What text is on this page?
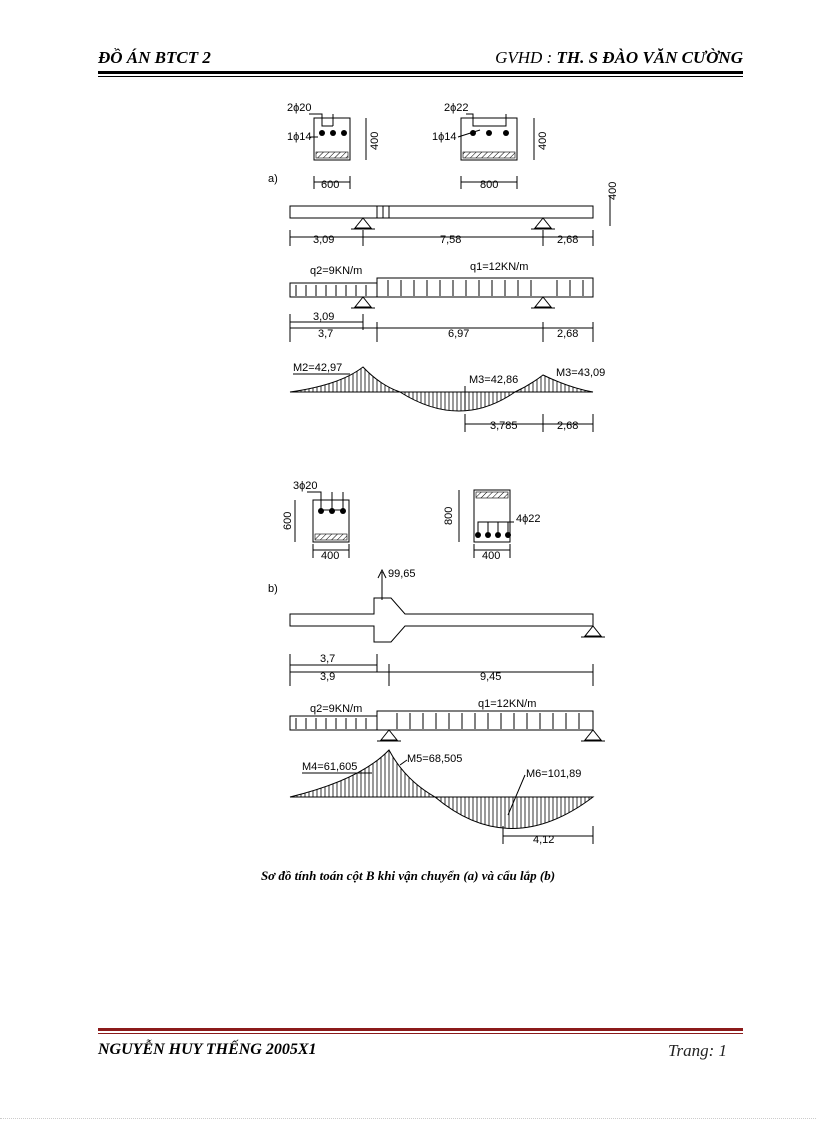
ĐỒ ÁN BTCT 2	GVHD : TH. S ĐÀO VĂN CƯỜNG
2ϕ20
1ϕ14	400
600
2ϕ22
1ϕ14	400
800
a)
400
3,09	7,58	2,68
q2=9KN/m	q1=12KN/m
3,09
3,7	6,97	2,68
M2=42,97
M3=42,86
M3=43,09
3,785	2,68
3ϕ20
600
400
4ϕ22
800
400
b)
99,65
3,7
3,9	9,45
q2=9KN/m	q1=12KN/m
M4=61,605
M5=68,505
M6=101,89
4,12
Sơ đồ tính toán cột B khi vận chuyển (a) và cẩu lắp (b)
NGUYỄN HUY THẾNG 2005X1	Trang: 1
